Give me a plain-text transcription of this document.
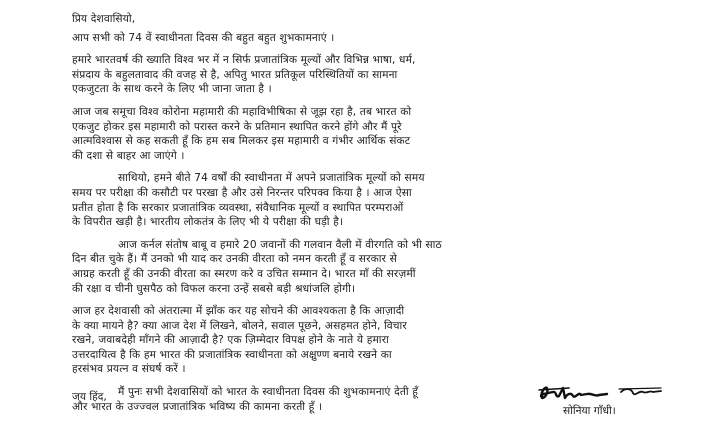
प्रिय देशवासियो,
आप सभी को 74 वें स्वाधीनता दिवस की बहुत बहुत शुभकामनाएं ।
हमारे भारतवर्ष की ख्याति विश्व भर में न सिर्फ प्रजातांत्रिक मूल्यों और विभिन्न भाषा, धर्म,
संप्रदाय के बहुलतावाद की वजह से है, अपितु भारत प्रतिकूल परिस्थितियों का सामना
एकजुटता के साथ करने के लिए भी जाना जाता है ।
आज जब समूचा विश्व कोरोना महामारी की महाविभीषिका से जूझ रहा है, तब भारत को
एकजुट होकर इस महामारी को परास्त करने के प्रतिमान स्थापित करने होंगे और मैं पूरे
आत्मविश्वास से कह सकती हूँ कि हम सब मिलकर इस महामारी व गंभीर आर्थिक संकट
की दशा से बाहर आ जाएंगे ।
साथियो, हमने बीते 74 वर्षों की स्वाधीनता में अपने प्रजातांत्रिक मूल्यों को समय
समय पर परीक्षा की कसौटी पर परखा है और उसे निरन्तर परिपक्व किया है । आज ऐसा
प्रतीत होता है कि सरकार प्रजातांत्रिक व्यवस्था, संवैधानिक मूल्यों व स्थापित परम्पराओं
के विपरीत खड़ी है। भारतीय लोकतंत्र के लिए भी ये परीक्षा की घड़ी है।
आज कर्नल संतोष बाबू व हमारे 20 जवानों की गलवान वैली में वीरगति को भी साठ
दिन बीत चुके हैं। मैं उनको भी याद कर उनकी वीरता को नमन करती हूँ व सरकार से
आग्रह करती हूँ की उनकी वीरता का स्मरण करे व उचित सम्मान दे। भारत माँ की सरज़मीं
की रक्षा व चीनी घुसपैठ को विफल करना उन्हें सबसे बड़ी श्रधांजलि होगी।
आज हर देशवासी को अंतरात्मा में झाँक कर यह सोचने की आवश्यकता है कि आज़ादी
के क्या मायने है? क्या आज देश में लिखने, बोलने, सवाल पूछने, असहमत होने, विचार
रखने, जवाबदेही माँगने की आज़ादी है? एक ज़िम्मेदार विपक्ष होने के नाते ये हमारा
उत्तरदायित्व है कि हम भारत की प्रजातांत्रिक स्वाधीनता को अक्षुण्ण बनाये रखने का
हरसंभव प्रयत्न व संघर्ष करें ।
मैं पुनः सभी देशवासियों को भारत के स्वाधीनता दिवस की शुभकामनाएं देती हूँ
और भारत के उज्ज्वल प्रजातांत्रिक भविष्य की कामना करती हूँ ।
जय हिंद,
सोनिया गाँधी।
